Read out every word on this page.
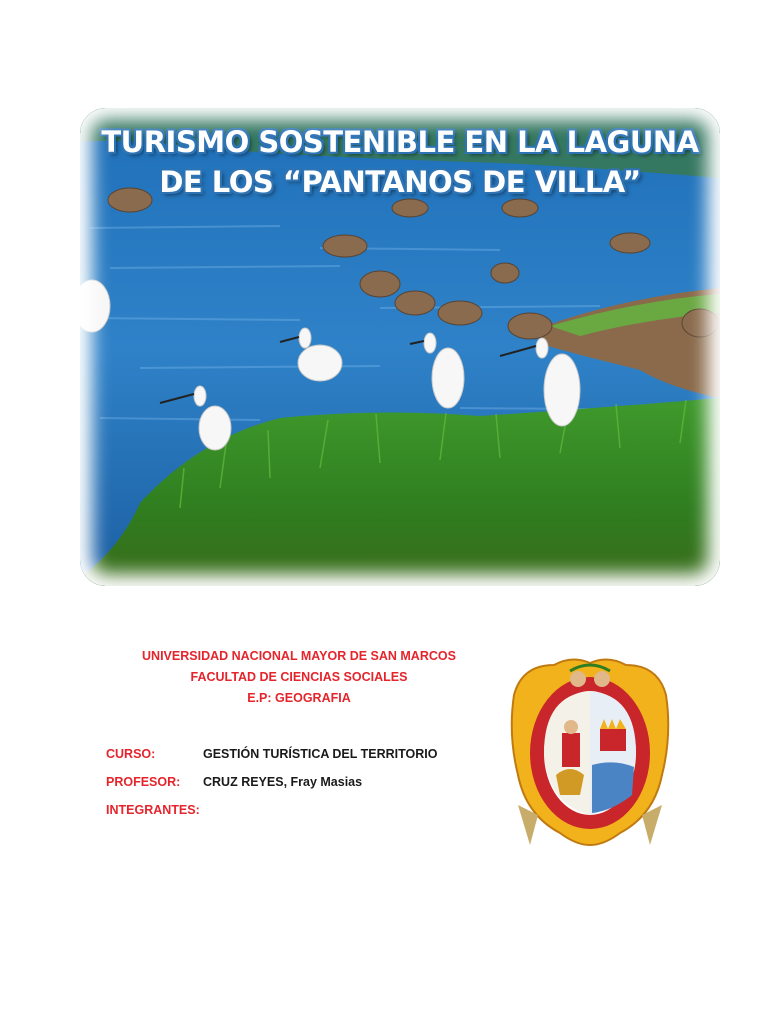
TURISMO SOSTENIBLE EN LA LAGUNA
DE LOS “PANTANOS DE VILLA”
UNIVERSIDAD NACIONAL MAYOR DE SAN MARCOS
FACULTAD DE CIENCIAS SOCIALES
E.P: GEOGRAFIA
CURSO:	GESTIÓN TURÍSTICA DEL TERRITORIO
PROFESOR: CRUZ REYES, Fray Masias
INTEGRANTES:
